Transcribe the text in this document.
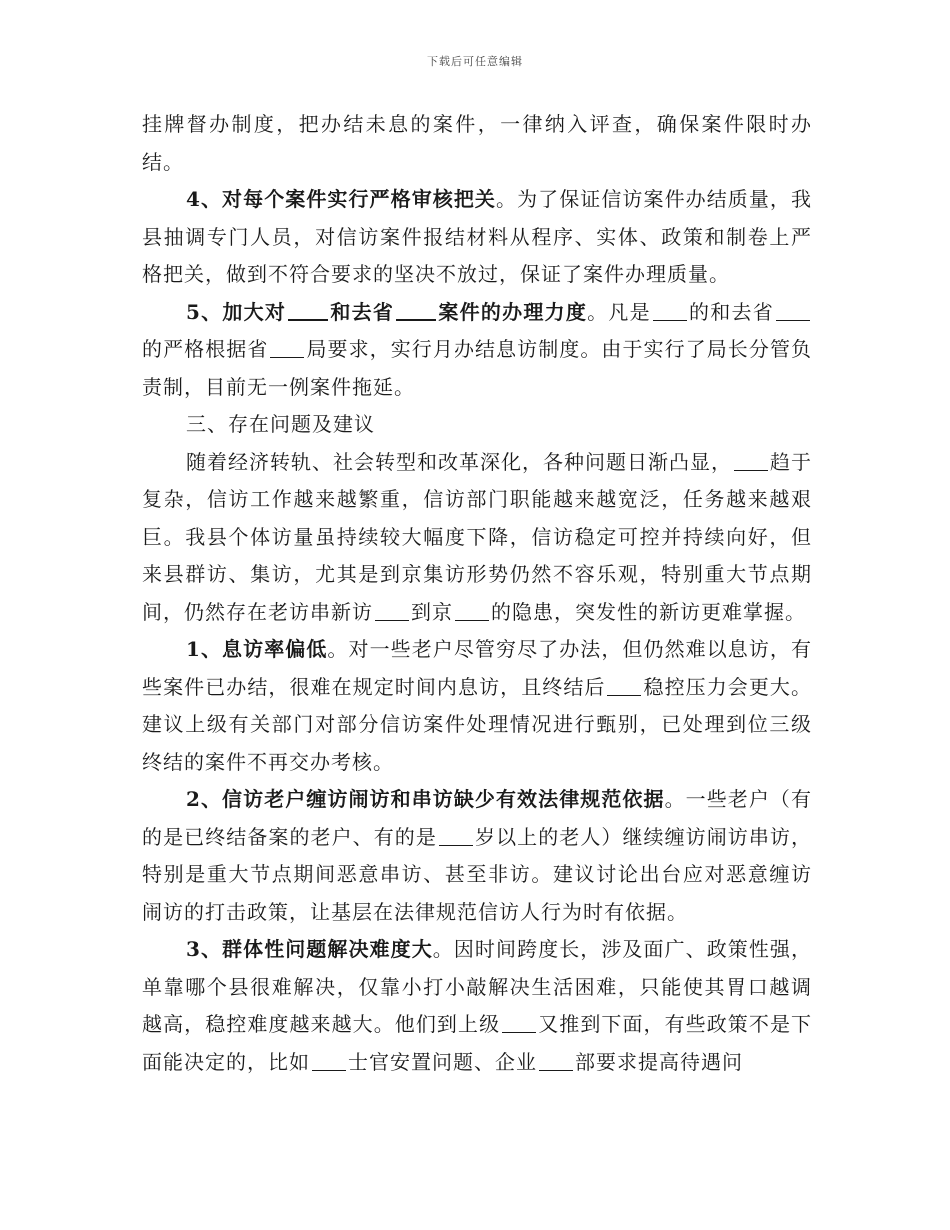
下载后可任意编辑

挂牌督办制度，把办结未息的案件，一律纳入评查，确保案件限时办结。

4、对每个案件实行严格审核把关。为了保证信访案件办结质量，我县抽调专门人员，对信访案件报结材料从程序、实体、政策和制卷上严格把关，做到不符合要求的坚决不放过，保证了案件办理质量。

5、加大对 和去省 案件的办理力度。凡是 的和去省的严格根据省 局要求，实行月办结息访制度。由于实行了局长分管负责制，目前无一例案件拖延。

三、存在问题及建议

随着经济转轨、社会转型和改革深化，各种问题日渐凸显， 趋于复杂，信访工作越来越繁重，信访部门职能越来越宽泛，任务越来越艰巨。我县个体访量虽持续较大幅度下降，信访稳定可控并持续向好，但来县群访、集访，尤其是到京集访形势仍然不容乐观，特别重大节点期间，仍然存在老访串新访 到京 的隐患，突发性的新访更难掌握。

1、息访率偏低。对一些老户尽管穷尽了办法，但仍然难以息访，有些案件已办结，很难在规定时间内息访，且终结后 稳控压力会更大。建议上级有关部门对部分信访案件处理情况进行甄别，已处理到位三级终结的案件不再交办考核。

2、信访老户缠访闹访和串访缺少有效法律规范依据。一些老户（有的是已终结备案的老户、有的是 岁以上的老人）继续缠访闹访串访，特别是重大节点期间恶意串访、甚至非访。建议讨论出台应对恶意缠访闹访的打击政策，让基层在法律规范信访人行为时有依据。

3、群体性问题解决难度大。因时间跨度长，涉及面广、政策性强，单靠哪个县很难解决，仅靠小打小敲解决生活困难，只能使其胃口越调越高，稳控难度越来越大。他们到上级 又推到下面，有些政策不是下面能决定的，比如 士官安置问题、企业 部要求提高待遇问
